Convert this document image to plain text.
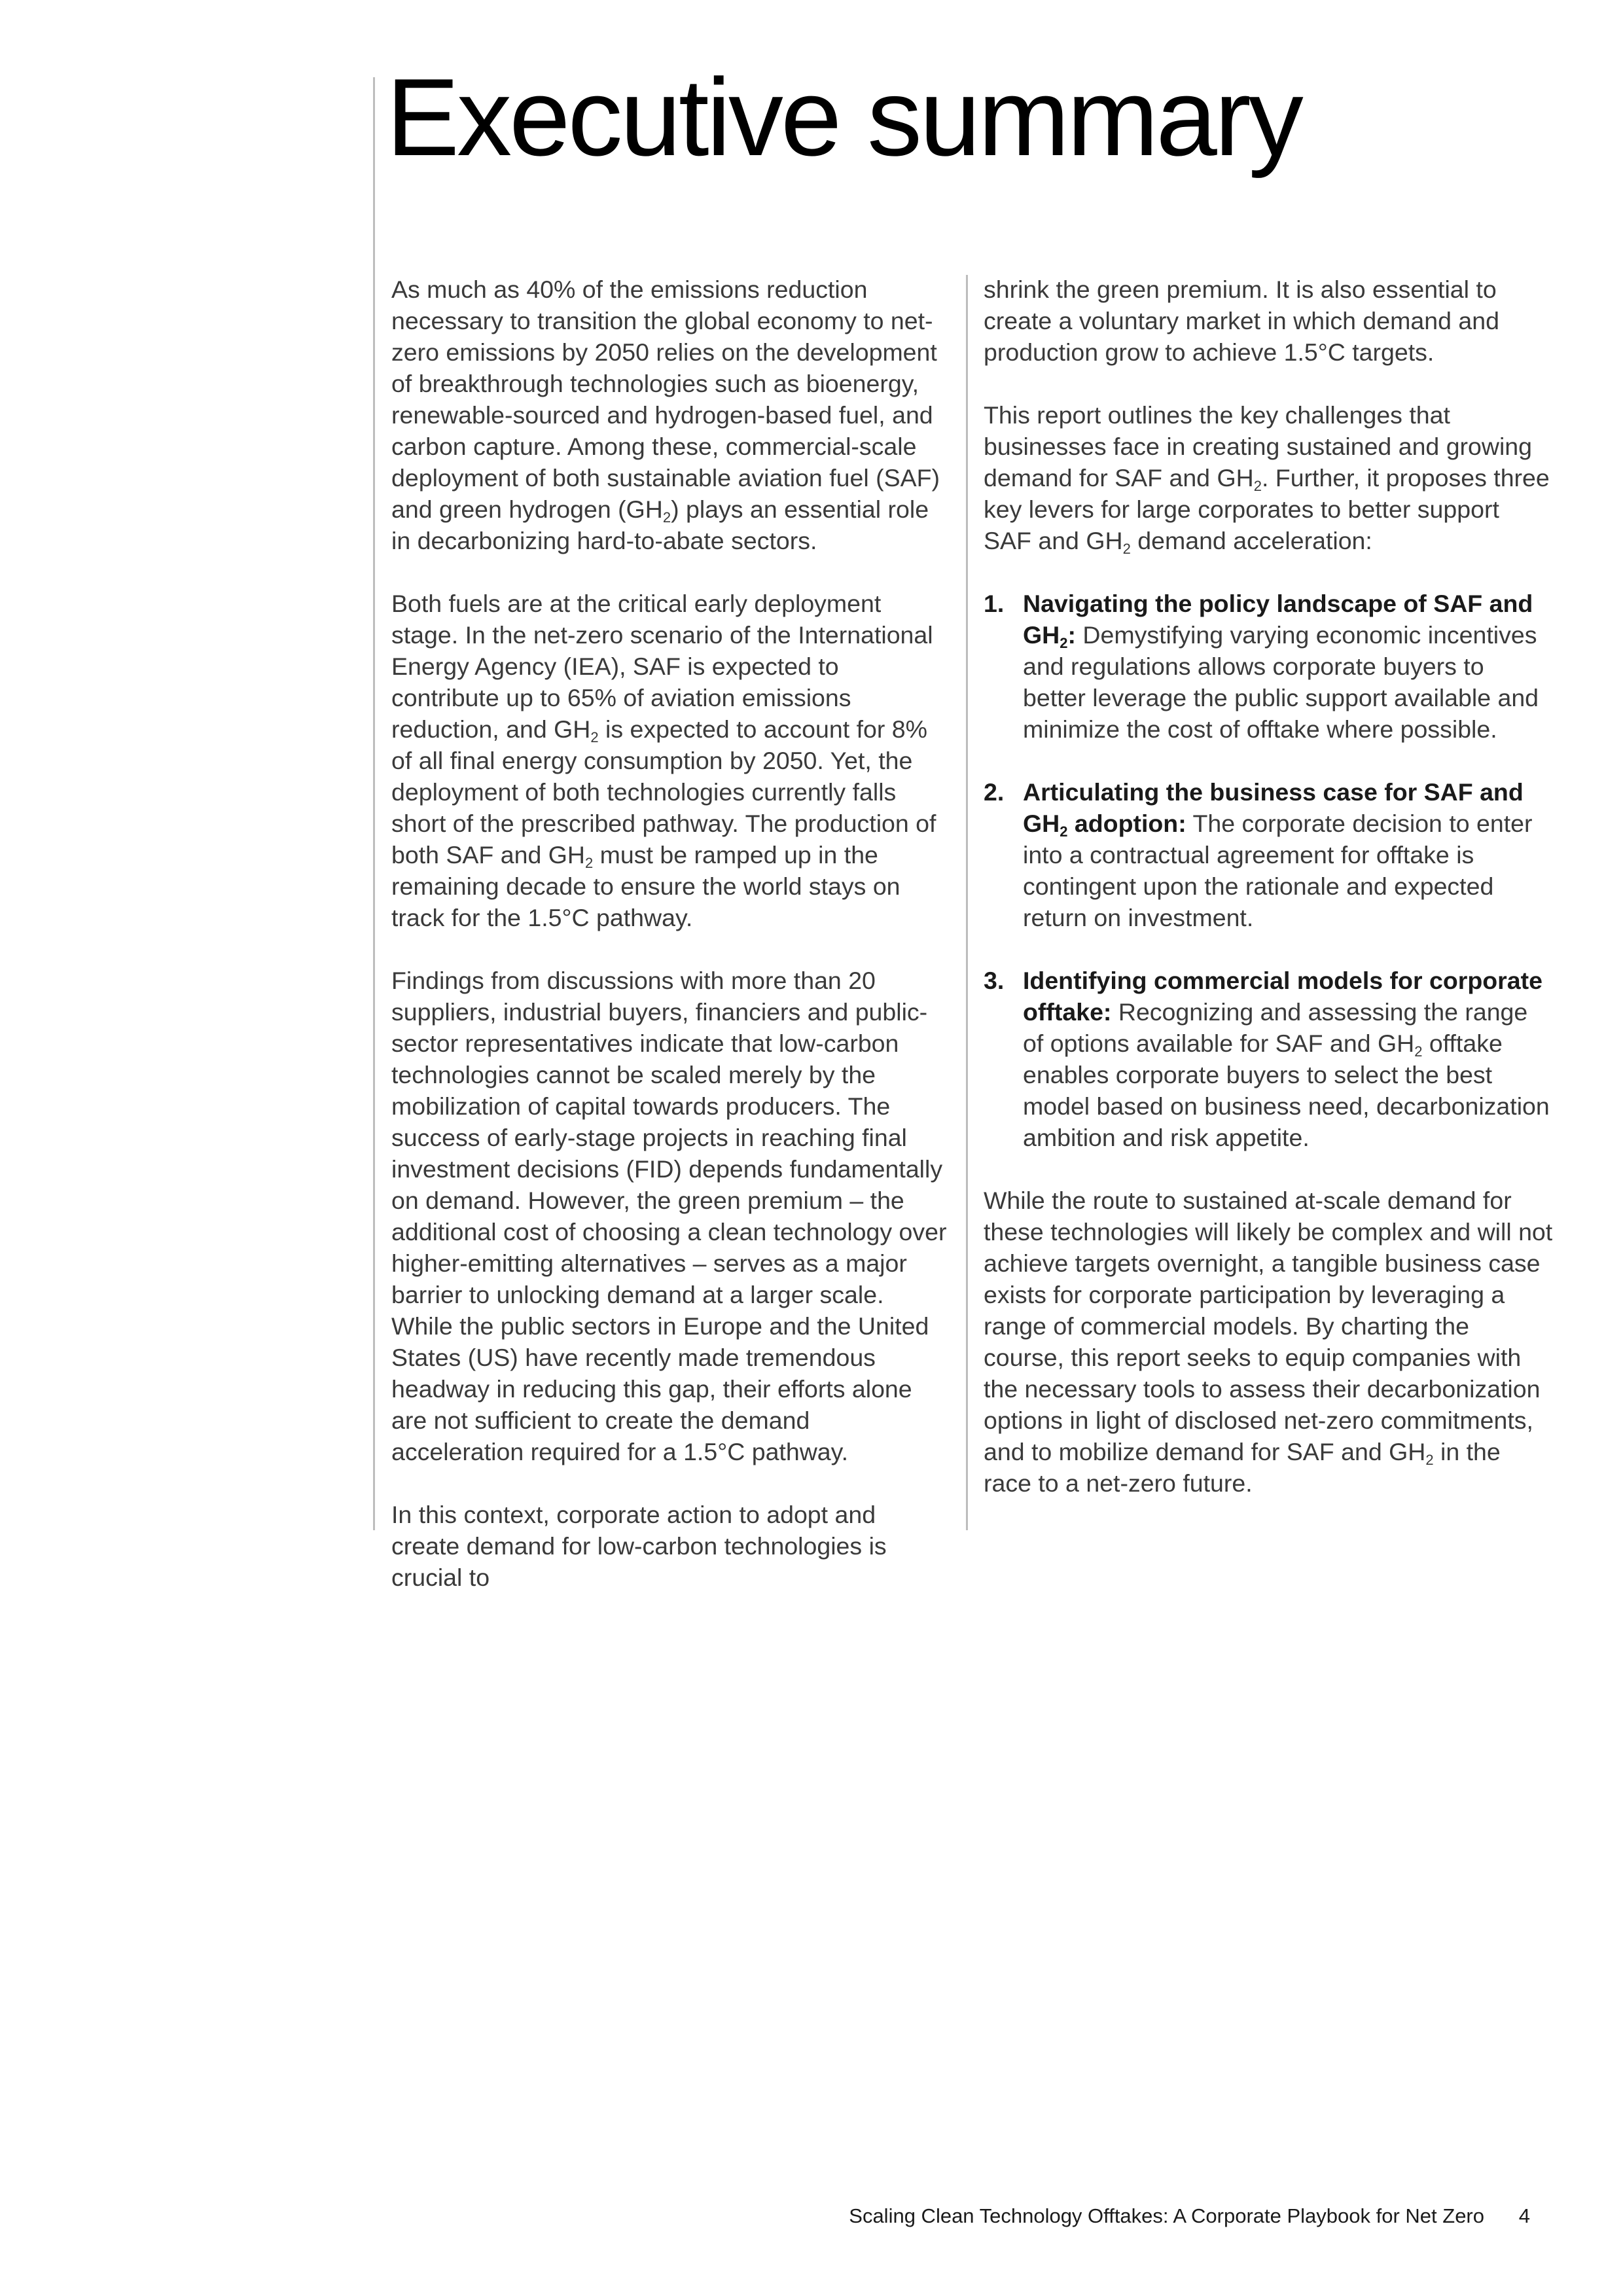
Executive summary

As much as 40% of the emissions reduction necessary to transition the global economy to net-zero emissions by 2050 relies on the development of breakthrough technologies such as bioenergy, renewable-sourced and hydrogen-based fuel, and carbon capture. Among these, commercial-scale deployment of both sustainable aviation fuel (SAF) and green hydrogen $(GH_2)$ plays an essential role in decarbonizing hard-to-abate sectors.

Both fuels are at the critical early deployment stage. In the net-zero scenario of the International Energy Agency (IEA), SAF is expected to contribute up to 65% of aviation emissions reduction, and $GH_2$ is expected to account for 8% of all final energy consumption by 2050. Yet, the deployment of both technologies currently falls short of the prescribed pathway. The production of both SAF and $GH_2$ must be ramped up in the remaining decade to ensure the world stays on track for the 1.5°C pathway.

Findings from discussions with more than 20 suppliers, industrial buyers, financiers and public-sector representatives indicate that low-carbon technologies cannot be scaled merely by the mobilization of capital towards producers. The success of early-stage projects in reaching final investment decisions (FID) depends fundamentally on demand. However, the green premium – the additional cost of choosing a clean technology over higher-emitting alternatives – serves as a major barrier to unlocking demand at a larger scale. While the public sectors in Europe and the United States (US) have recently made tremendous headway in reducing this gap, their efforts alone are not sufficient to create the demand acceleration required for a 1.5°C pathway.

In this context, corporate action to adopt and create demand for low-carbon technologies is crucial to

shrink the green premium. It is also essential to create a voluntary market in which demand and production grow to achieve 1.5°C targets.

This report outlines the key challenges that businesses face in creating sustained and growing demand for SAF and $GH_2$. Further, it proposes three key levers for large corporates to better support SAF and $GH_2$ demand acceleration:

1. Navigating the policy landscape of SAF and $GH_2$: Demystifying varying economic incentives and regulations allows corporate buyers to better leverage the public support available and minimize the cost of offtake where possible.
2. Articulating the business case for SAF and $GH_2$ adoption: The corporate decision to enter into a contractual agreement for offtake is contingent upon the rationale and expected return on investment.
3. Identifying commercial models for corporate offtake: Recognizing and assessing the range of options available for SAF and $GH_2$ offtake enables corporate buyers to select the best model based on business need, decarbonization ambition and risk appetite.

While the route to sustained at-scale demand for these technologies will likely be complex and will not achieve targets overnight, a tangible business case exists for corporate participation by leveraging a range of commercial models. By charting the course, this report seeks to equip companies with the necessary tools to assess their decarbonization options in light of disclosed net-zero commitments, and to mobilize demand for SAF and $GH_2$ in the race to a net-zero future.

Scaling Clean Technology Offtakes: A Corporate Playbook for Net Zero 4
